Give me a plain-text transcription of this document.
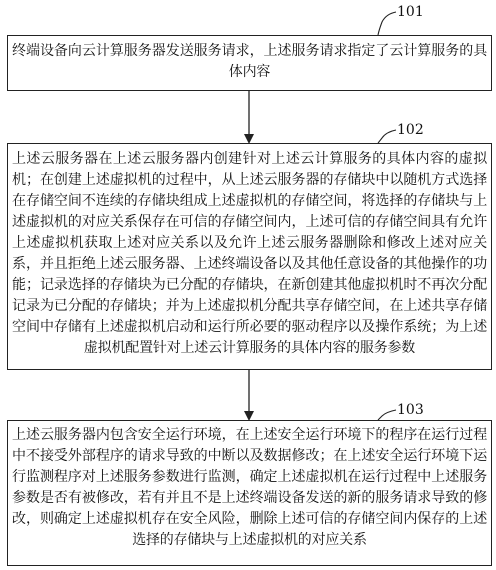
终端设备向云计算服务器发送服务请求，上述服务请求指定了云计算服务的具体内容
上述云服务器在上述云服务器内创建针对上述云计算服务的具体内容的虚拟机；在创建上述虚拟机的过程中，从上述云服务器的存储块中以随机方式选择在存储空间不连续的存储块组成上述虚拟机的存储空间，将选择的存储块与上述虚拟机的对应关系保存在可信的存储空间内，上述可信的存储空间具有允许上述虚拟机获取上述对应关系以及允许上述云服务器删除和修改上述对应关系，并且拒绝上述云服务器、上述终端设备以及其他任意设备的其他操作的功能；记录选择的存储块为已分配的存储块，在新创建其他虚拟机时不再次分配记录为已分配的存储块；并为上述虚拟机分配共享存储空间，在上述共享存储空间中存储有上述虚拟机启动和运行所必要的驱动程序以及操作系统；为上述虚拟机配置针对上述云计算服务的具体内容的服务参数
上述云服务器内包含安全运行环境，在上述安全运行环境下的程序在运行过程中不接受外部程序的请求导致的中断以及数据修改；在上述安全运行环境下运行监测程序对上述服务参数进行监测，确定上述虚拟机在运行过程中上述服务参数是否有被修改，若有并且不是上述终端设备发送的新的服务请求导致的修改，则确定上述虚拟机存在安全风险，删除上述可信的存储空间内保存的上述选择的存储块与上述虚拟机的对应关系
101
102
103
